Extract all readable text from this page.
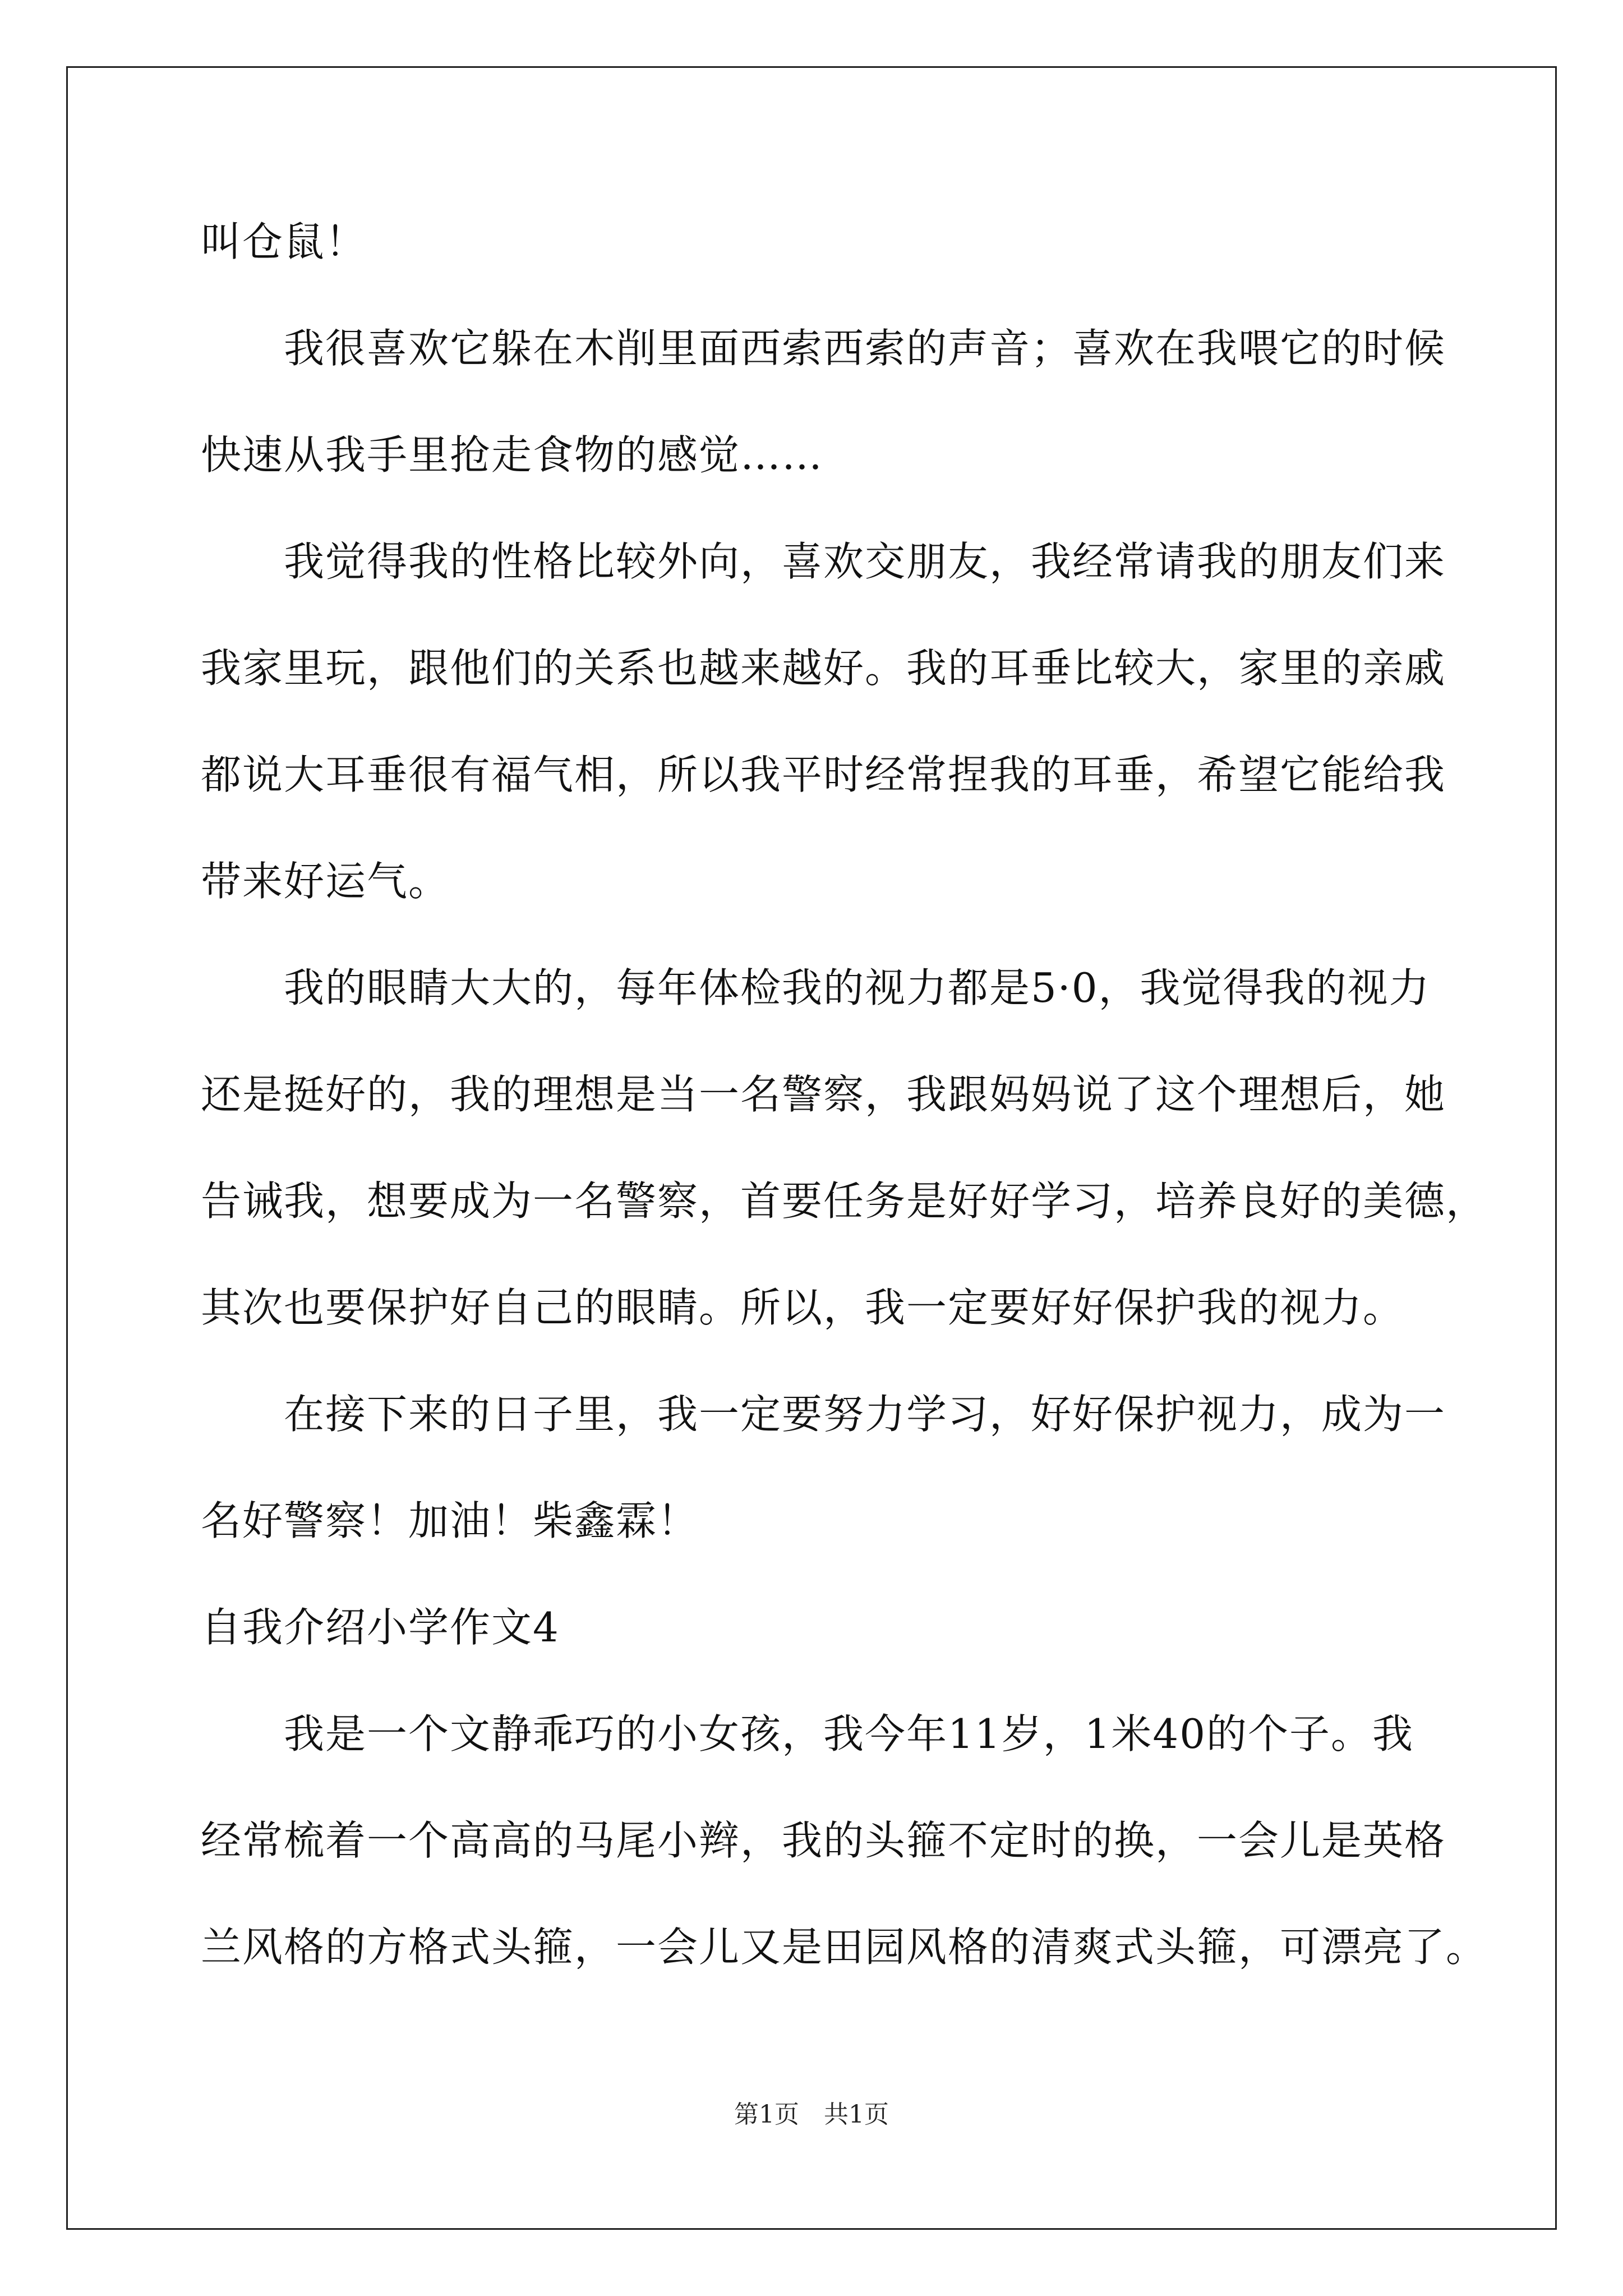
叫仓鼠！
我很喜欢它躲在木削里面西索西索的声音；喜欢在我喂它的时候
快速从我手里抢走食物的感觉……
我觉得我的性格比较外向，喜欢交朋友，我经常请我的朋友们来
我家里玩，跟他们的关系也越来越好。我的耳垂比较大，家里的亲戚
都说大耳垂很有福气相，所以我平时经常捏我的耳垂，希望它能给我
带来好运气。
我的眼睛大大的，每年体检我的视力都是5·0，我觉得我的视力
还是挺好的，我的理想是当一名警察，我跟妈妈说了这个理想后，她
告诫我，想要成为一名警察，首要任务是好好学习，培养良好的美德，
其次也要保护好自己的眼睛。所以，我一定要好好保护我的视力。
在接下来的日子里，我一定要努力学习，好好保护视力，成为一
名好警察！加油！柴鑫霖！
自我介绍小学作文4
我是一个文静乖巧的小女孩，我今年11岁，1米40的个子。我
经常梳着一个高高的马尾小辫，我的头箍不定时的换，一会儿是英格
兰风格的方格式头箍，一会儿又是田园风格的清爽式头箍，可漂亮了。
第1页　共1页
